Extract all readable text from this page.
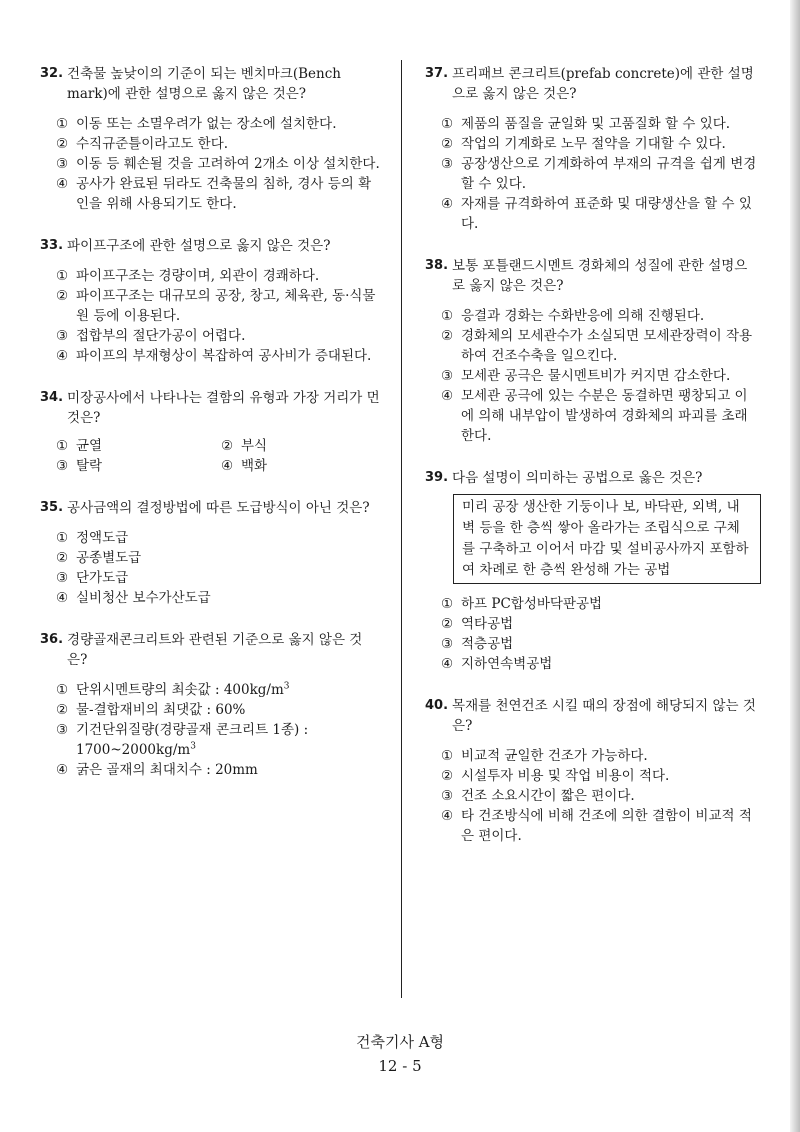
32. 건축물 높낮이의 기준이 되는 벤치마크(Bench mark)에 관한 설명으로 옳지 않은 것은?
① 이동 또는 소멸우려가 없는 장소에 설치한다.
② 수직규준틀이라고도 한다.
③ 이동 등 훼손될 것을 고려하여 2개소 이상 설치한다.
④ 공사가 완료된 뒤라도 건축물의 침하, 경사 등의 확인을 위해 사용되기도 한다.
33. 파이프구조에 관한 설명으로 옳지 않은 것은?
① 파이프구조는 경량이며, 외관이 경쾌하다.
② 파이프구조는 대규모의 공장, 창고, 체육관, 동·식물원 등에 이용된다.
③ 접합부의 절단가공이 어렵다.
④ 파이프의 부재형상이 복잡하여 공사비가 증대된다.
34. 미장공사에서 나타나는 결함의 유형과 가장 거리가 먼 것은?
① 균열	② 부식
③ 탈락	④ 백화
35. 공사금액의 결정방법에 따른 도급방식이 아닌 것은?
① 정액도급
② 공종별도급
③ 단가도급
④ 실비청산 보수가산도급
36. 경량골재콘크리트와 관련된 기준으로 옳지 않은 것은?
① 단위시멘트량의 최솟값 : $400kg/m^3$
② 물-결합재비의 최댓값 : 60%
③ 기건단위질량(경량골재 콘크리트 1종) : $1700\sim 2000kg/m^3$
④ 굵은 골재의 최대치수 : 20mm
37. 프리패브 콘크리트(prefab concrete)에 관한 설명으로 옳지 않은 것은?
① 제품의 품질을 균일화 및 고품질화 할 수 있다.
② 작업의 기계화로 노무 절약을 기대할 수 있다.
③ 공장생산으로 기계화하여 부재의 규격을 쉽게 변경할 수 있다.
④ 자재를 규격화하여 표준화 및 대량생산을 할 수 있다.
38. 보통 포틀랜드시멘트 경화체의 성질에 관한 설명으로 옳지 않은 것은?
① 응결과 경화는 수화반응에 의해 진행된다.
② 경화체의 모세관수가 소실되면 모세관장력이 작용하여 건조수축을 일으킨다.
③ 모세관 공극은 물시멘트비가 커지면 감소한다.
④ 모세관 공극에 있는 수분은 동결하면 팽창되고 이에 의해 내부압이 발생하여 경화체의 파괴를 초래한다.
39. 다음 설명이 의미하는 공법으로 옳은 것은?
미리 공장 생산한 기둥이나 보, 바닥판, 외벽, 내벽 등을 한 층씩 쌓아 올라가는 조립식으로 구체를 구축하고 이어서 마감 및 설비공사까지 포함하여 차례로 한 층씩 완성해 가는 공법
① 하프 PC합성바닥판공법
② 역타공법
③ 적층공법
④ 지하연속벽공법
40. 목재를 천연건조 시킬 때의 장점에 해당되지 않는 것은?
① 비교적 균일한 건조가 가능하다.
② 시설투자 비용 및 작업 비용이 적다.
③ 건조 소요시간이 짧은 편이다.
④ 타 건조방식에 비해 건조에 의한 결함이 비교적 적은 편이다.
건축기사 A형
12 - 5
